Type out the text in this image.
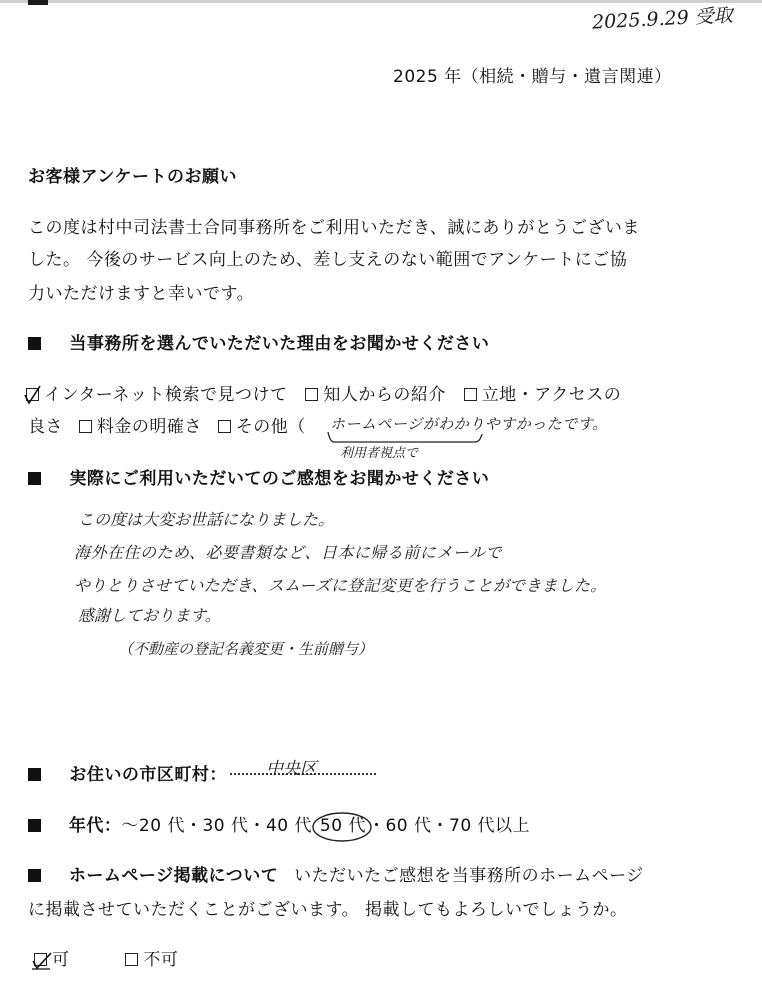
2025.9.29 受取
2025 年（相続・贈与・遺言関連）
お客様アンケートのお願い
この度は村中司法書士合同事務所をご利用いただき、誠にありがとうございま
した。 今後のサービス向上のため、差し支えのない範囲でアンケートにご協
力いただけますと幸いです。
当事務所を選んでいただいた理由をお聞かせください
インターネット検索で見つけて 知人からの紹介 立地・アクセスの
良さ 料金の明確さ その他（ ホームページがわかりやすかったです。
利用者視点で
実際にご利用いただいてのご感想をお聞かせください
この度は大変お世話になりました。
海外在住のため、必要書類など、日本に帰る前にメールで
やりとりさせていただき、スムーズに登記変更を行うことができました。
感謝しております。
（不動産の登記名義変更・生前贈与）
お住いの市区町村： 中央区
年代：〜20 代・30 代・40 代 50 代 ・60 代・70 代以上
ホームページ掲載について いただいたご感想を当事務所のホームページ
に掲載させていただくことがございます。 掲載してもよろしいでしょうか。
可	不可
